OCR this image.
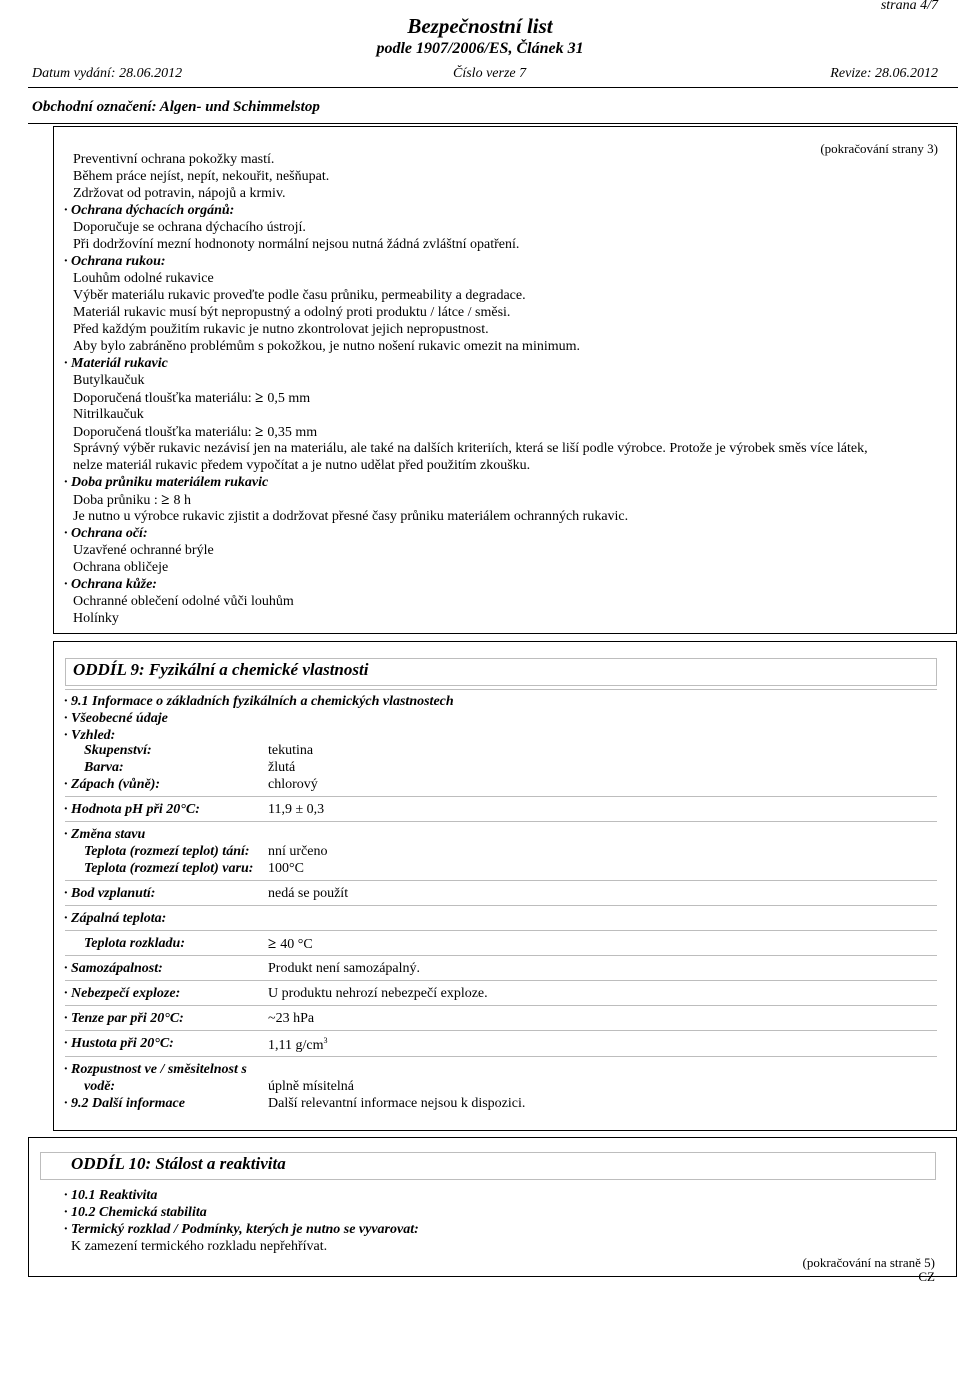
strana 4/7
Bezpečnostní list
podle 1907/2006/ES, Článek 31
Datum vydání: 28.06.2012	Číslo verze 7	Revize: 28.06.2012
Obchodní označení: Algen- und Schimmelstop
(pokračování strany 3)
Preventivní ochrana pokožky mastí.
Během práce nejíst, nepít, nekouřit, nešňupat.
Zdržovat od potravin, nápojů a krmiv.
· Ochrana dýchacích orgánů:
Doporučuje se ochrana dýchacího ústrojí.
Při dodržovíní mezní hodnonoty normální nejsou nutná žádná zvláštní opatření.
· Ochrana rukou:
Louhům odolné rukavice
Výběr materiálu rukavic proveďte podle času průniku, permeability a degradace.
Materiál rukavic musí být nepropustný a odolný proti produktu / látce / směsi.
Před každým použitím rukavic je nutno zkontrolovat jejich nepropustnost.
Aby bylo zabráněno problémům s pokožkou, je nutno nošení rukavic omezit na minimum.
· Materiál rukavic
Butylkaučuk
Doporučená tloušťka materiálu: ≥ 0,5 mm
Nitrilkaučuk
Doporučená tloušťka materiálu: ≥ 0,35 mm
Správný výběr rukavic nezávisí jen na materiálu, ale také na dalších kriteriích, která se liší podle výrobce. Protože je výrobek směs více látek,
nelze materiál rukavic předem vypočítat a je nutno udělat před použitím zkoušku.
· Doba průniku materiálem rukavic
Doba průniku : ≥ 8 h
Je nutno u výrobce rukavic zjistit a dodržovat přesné časy průniku materiálem ochranných rukavic.
· Ochrana očí:
Uzavřené ochranné brýle
Ochrana obličeje
· Ochrana kůže:
Ochranné oblečení odolné vůči louhům
Holínky
ODDÍL 9: Fyzikální a chemické vlastnosti
· 9.1 Informace o základních fyzikálních a chemických vlastnostech
· Všeobecné údaje
· Vzhled:
Skupenství:	tekutina
Barva:	žlutá
· Zápach (vůně):	chlorový
· Hodnota pH při 20°C:	11,9 ± 0,3
· Změna stavu
Teplota (rozmezí teplot) tání: nní určeno
Teplota (rozmezí teplot) varu: 100°C
· Bod vzplanutí:	nedá se použít
· Zápalná teplota:
Teplota rozkladu:	≥ 40 °C
· Samozápalnost:	Produkt není samozápalný.
· Nebezpečí exploze:	U produktu nehrozí nebezpečí exploze.
· Tenze par při 20°C:	~23 hPa
· Hustota při 20°C:	1,11 $g/cm^3$
· Rozpustnost ve / směsitelnost s
vodě:	úplně mísitelná
· 9.2 Další informace	Další relevantní informace nejsou k dispozici.
ODDÍL 10: Stálost a reaktivita
· 10.1 Reaktivita
· 10.2 Chemická stabilita
· Termický rozklad / Podmínky, kterých je nutno se vyvarovat:
K zamezení termického rozkladu nepřehřívat.
(pokračování na straně 5)
CZ
